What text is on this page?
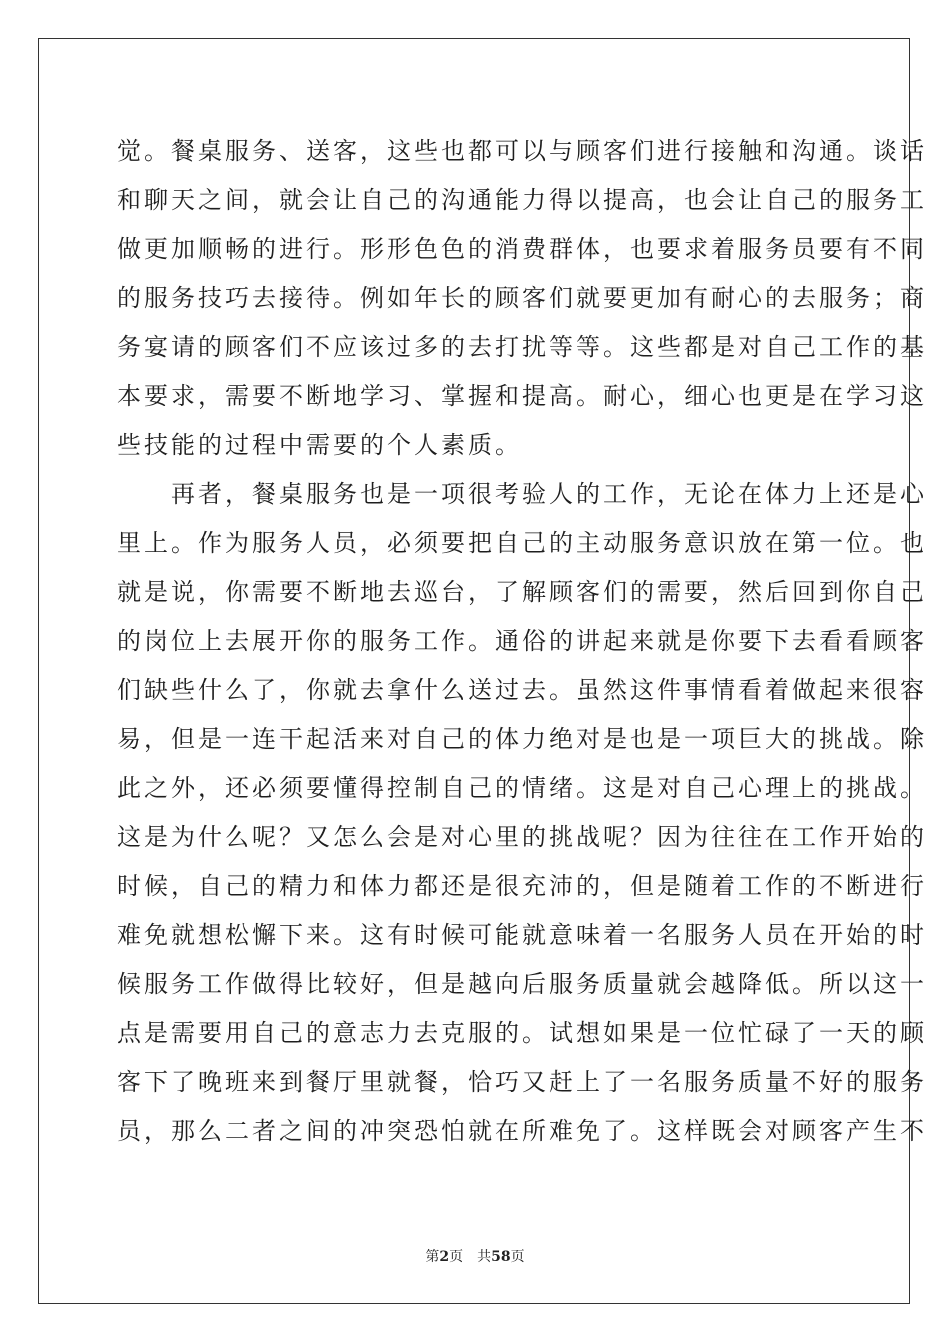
觉。餐桌服务、送客，这些也都可以与顾客们进行接触和沟通。谈话
和聊天之间，就会让自己的沟通能力得以提高，也会让自己的服务工
做更加顺畅的进行。形形色色的消费群体，也要求着服务员要有不同
的服务技巧去接待。例如年长的顾客们就要更加有耐心的去服务；商
务宴请的顾客们不应该过多的去打扰等等。这些都是对自己工作的基
本要求，需要不断地学习、掌握和提高。耐心，细心也更是在学习这
些技能的过程中需要的个人素质。
　　再者，餐桌服务也是一项很考验人的工作，无论在体力上还是心
里上。作为服务人员，必须要把自己的主动服务意识放在第一位。也
就是说，你需要不断地去巡台，了解顾客们的需要，然后回到你自己
的岗位上去展开你的服务工作。通俗的讲起来就是你要下去看看顾客
们缺些什么了，你就去拿什么送过去。虽然这件事情看着做起来很容
易，但是一连干起活来对自己的体力绝对是也是一项巨大的挑战。除
此之外，还必须要懂得控制自己的情绪。这是对自己心理上的挑战。
这是为什么呢？又怎么会是对心里的挑战呢？因为往往在工作开始的
时候，自己的精力和体力都还是很充沛的，但是随着工作的不断进行
难免就想松懈下来。这有时候可能就意味着一名服务人员在开始的时
候服务工作做得比较好，但是越向后服务质量就会越降低。所以这一
点是需要用自己的意志力去克服的。试想如果是一位忙碌了一天的顾
客下了晚班来到餐厅里就餐，恰巧又赶上了一名服务质量不好的服务
员，那么二者之间的冲突恐怕就在所难免了。这样既会对顾客产生不
第2页　共58页
